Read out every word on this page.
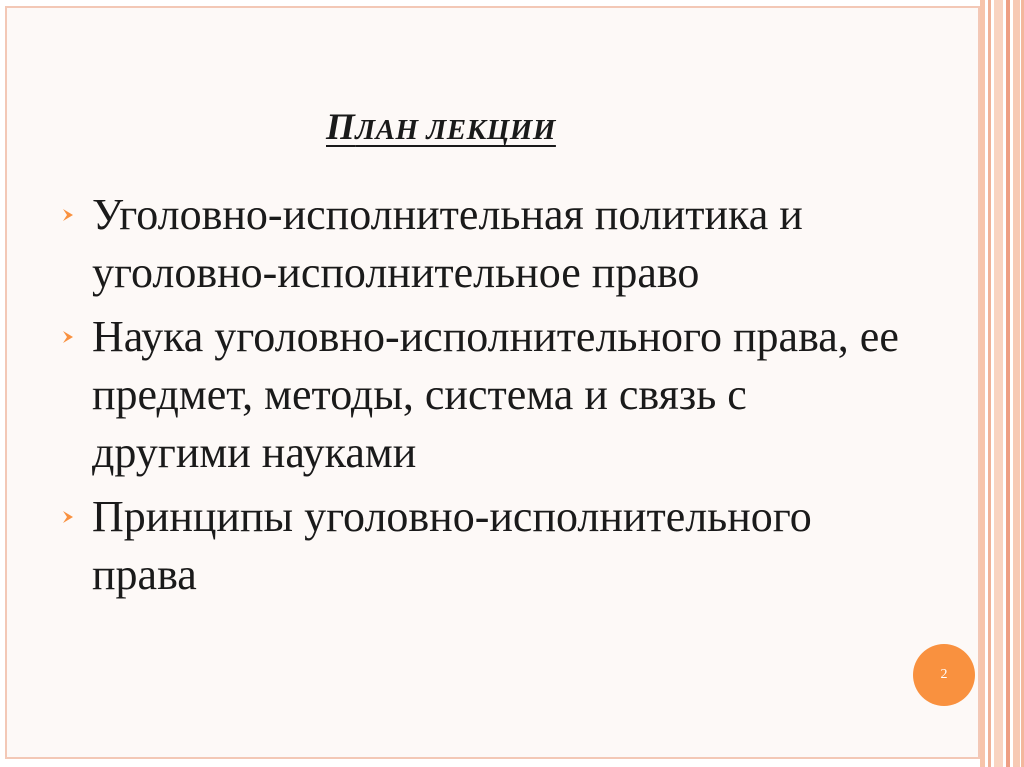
ПЛАН ЛЕКЦИИ
Уголовно-исполнительная политика и уголовно-исполнительное право
Наука уголовно-исполнительного права, ее предмет, методы, система и связь с другими науками
Принципы уголовно-исполнительного права
2
